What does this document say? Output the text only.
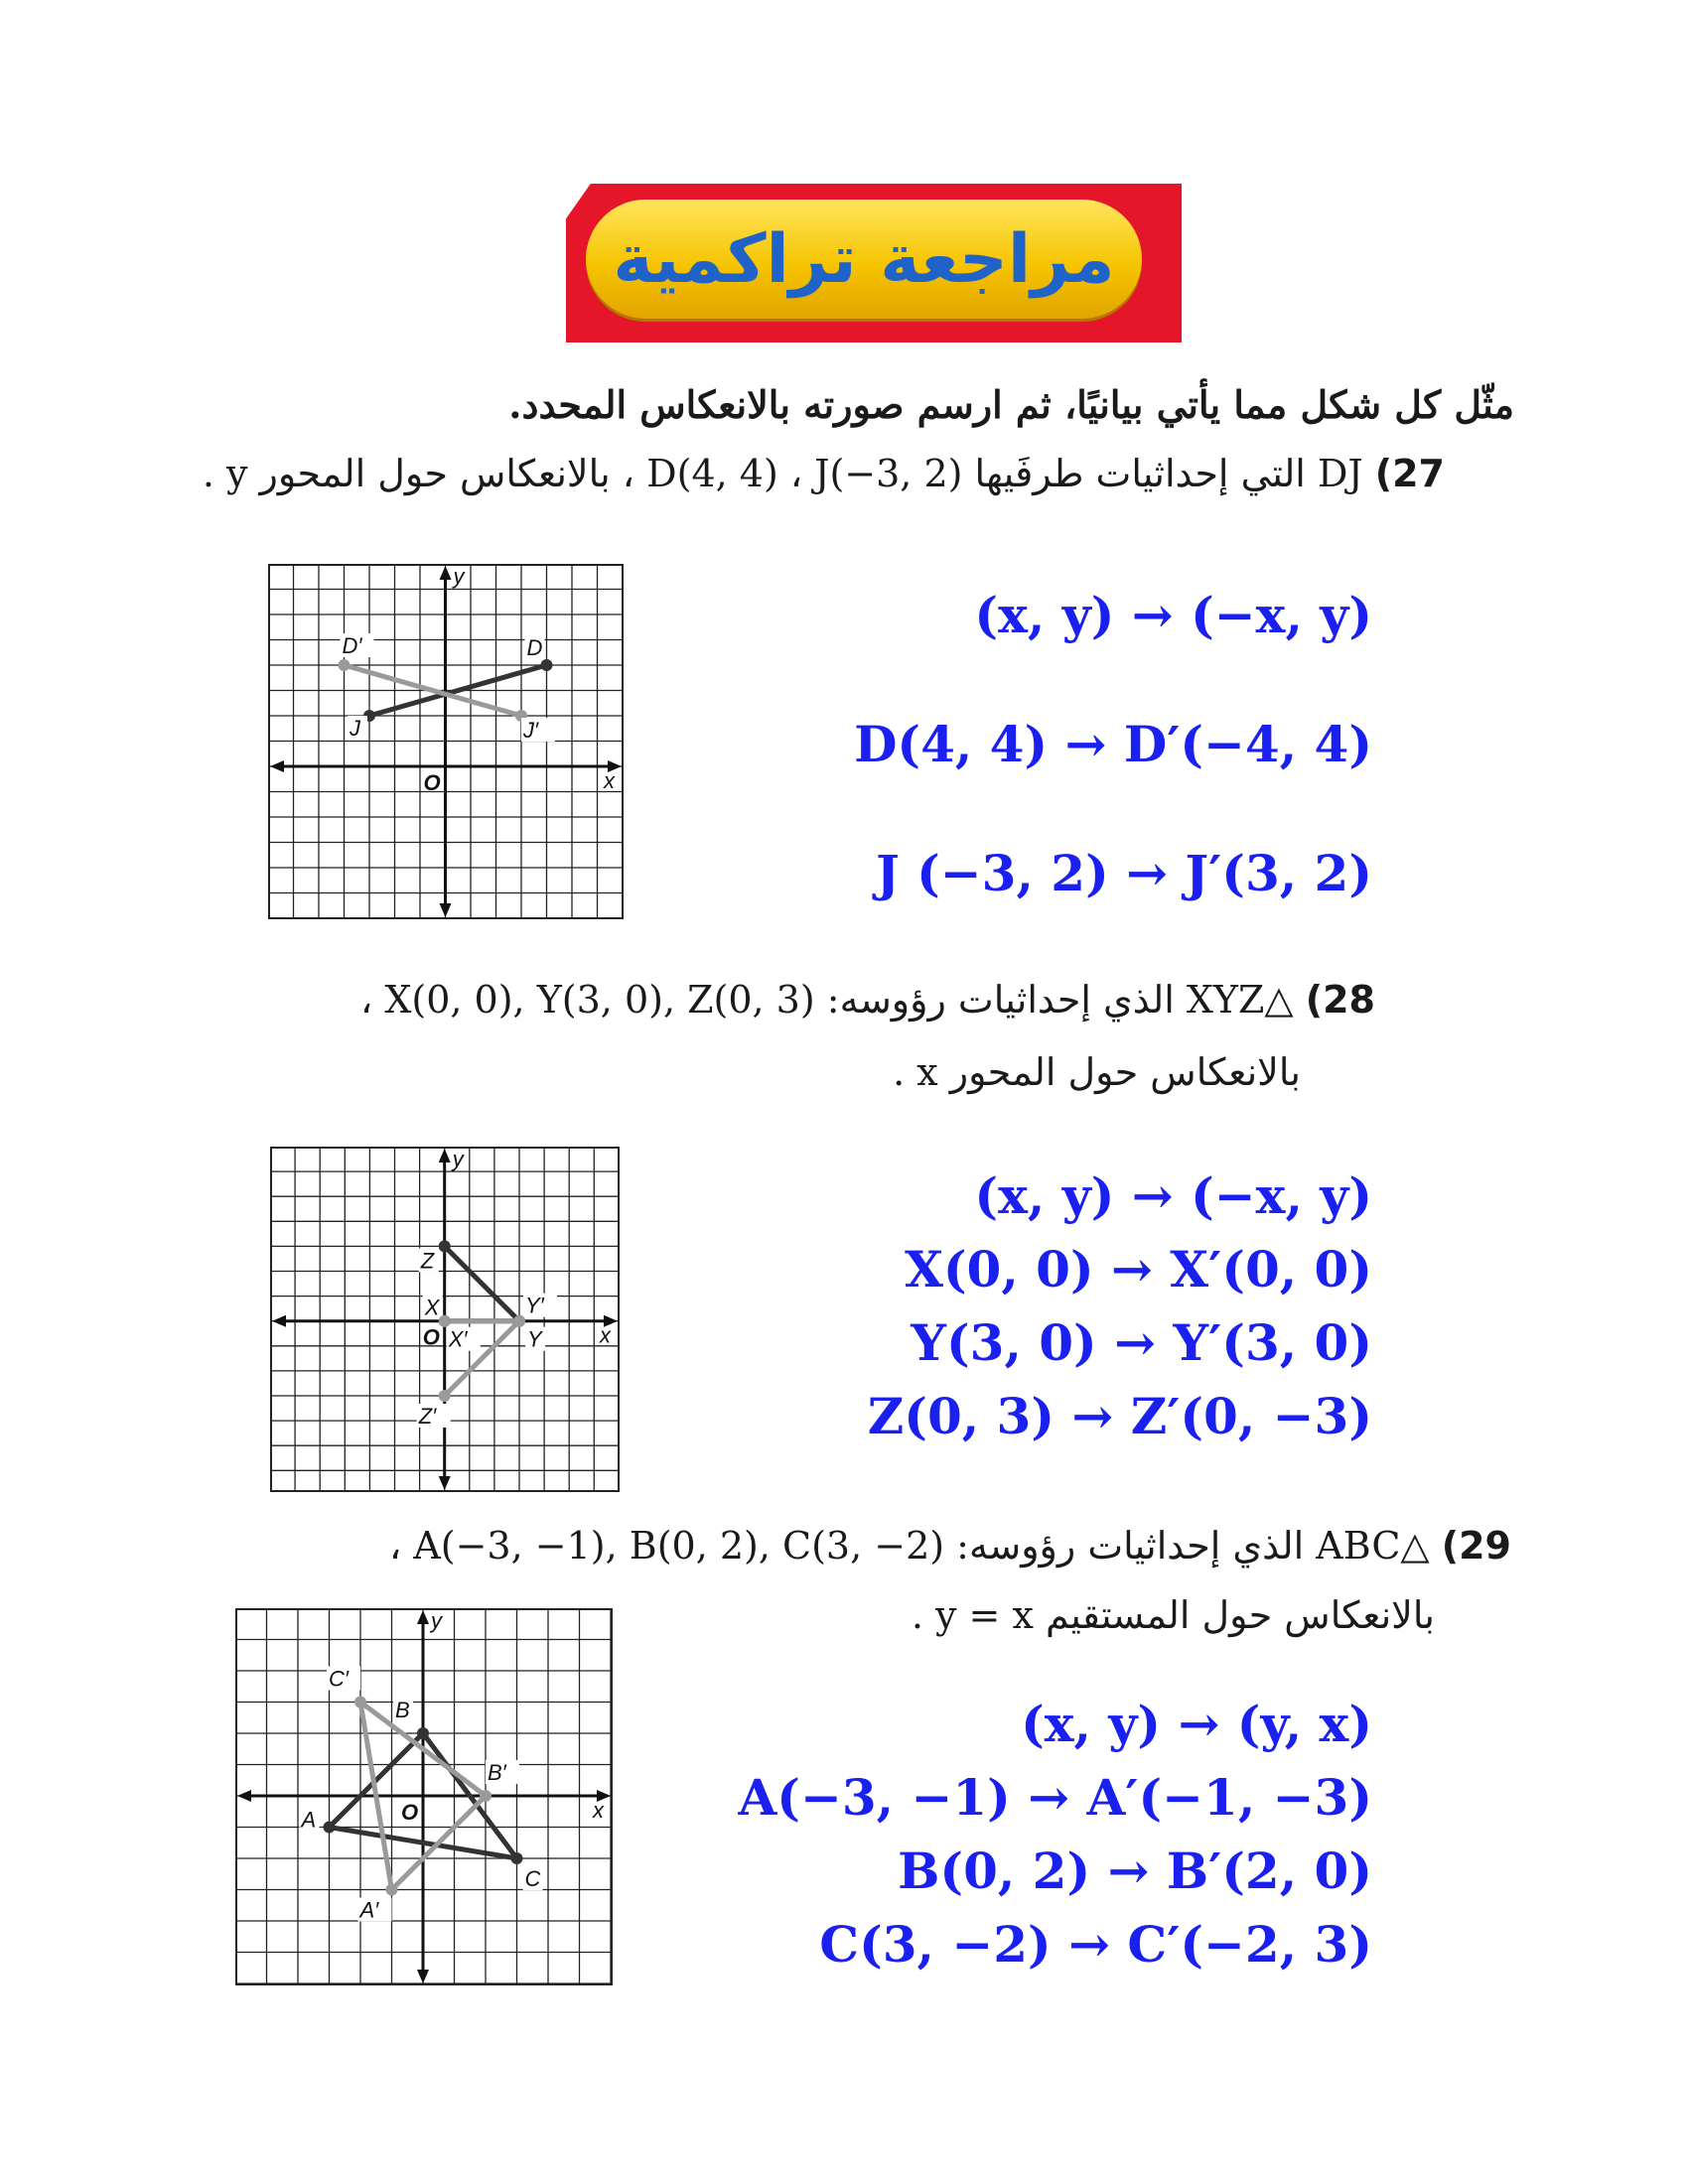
مراجعة تراكمية
مثّل كل شكل مما يأتي بيانيًا، ثم ارسم صورته بالانعكاس المحدد.
27) DJ التي إحداثيات طرفَيها D(4, 4) ، J(−3, 2) ، بالانعكاس حول المحور y .
x
y
O
D
J
D′
J′
(x, y) → (−x, y)
D(4, 4) → D′(−4, 4)
J (−3, 2) → J′(3, 2)
28) △XYZ الذي إحداثيات رؤوسه: X(0, 0), Y(3, 0), Z(0, 3) ،
بالانعكاس حول المحور x .
x
y
O
X
Y
Z
X′
Y′
Z′
(x, y) → (−x, y)
X(0, 0) → X′(0, 0)
Y(3, 0) → Y′(3, 0)
Z(0, 3) → Z′(0, −3)
29) △ABC الذي إحداثيات رؤوسه: A(−3, −1), B(0, 2), C(3, −2) ،
بالانعكاس حول المستقيم y = x .
x
y
O
A
B
C
A′
B′
C′
(x, y) → (y, x)
A(−3, −1) → A′(−1, −3)
B(0, 2) → B′(2, 0)
C(3, −2) → C′(−2, 3)
